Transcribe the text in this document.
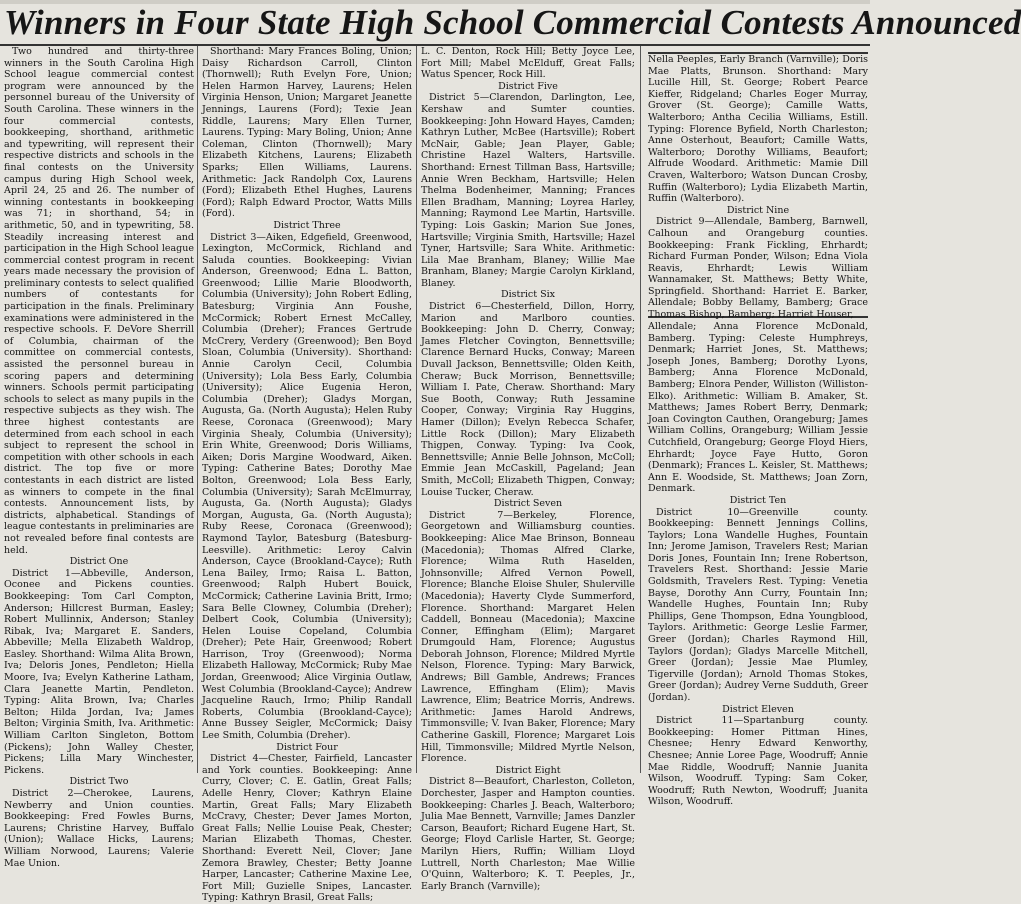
Winners in Four State High School Commercial Contests Announced

Two hundred and thirty-three winners in the South Carolina High School league commercial contest program were announced by the personnel bureau of the University of South Carolina. These winners in the four commercial contests, bookkeeping, shorthand, arithmetic and typewriting, will represent their respective districts and schools in the final contests on the University campus during High School week, April 24, 25 and 26. The number of winning contestants in bookkeeping was 71; in shorthand, 54; in arithmetic, 50, and in typewriting, 58. Steadily increasing interest and participation in the High School league commercial contest program in recent years made necessary the provision of preliminary contests to select qualified numbers of contestants for participation in the finals. Preliminary examinations were administered in the respective schools. F. DeVore Sherrill of Columbia, chairman of the committee on commercial contests, assisted the personnel bureau in scoring papers and determining winners. Schools permit participating schools to select as many pupils in the respective subjects as they wish. The three highest contestants are determined from each school in each subject to represent the school in competition with other schools in each district. The top five or more contestants in each district are listed as winners to compete in the final contests. Announcement lists, by districts, alphabetical. Standings of league contestants in preliminaries are not revealed before final contests are held.

District One

District 1—Abbeville, Anderson, Oconee and Pickens counties. Bookkeeping: Tom Carl Compton, Anderson; Hillcrest Burman, Easley; Robert Mullinnix, Anderson; Stanley Ribak, Iva; Margaret E. Sanders, Abbeville; Mella Elizabeth Waldrop, Easley. Shorthand: Wilma Alita Brown, Iva; Deloris Jones, Pendleton; Hiella Moore, Iva; Evelyn Katherine Latham, Clara Jeanette Martin, Pendleton. Typing: Alita Brown, Iva; Charles Belton; Hilda Jordan, Iva; James Belton; Virginia Smith, Iva. Arithmetic: William Carlton Singleton, Bottom (Pickens); John Walley Chester, Pickens; Lilla Mary Winchester, Pickens.

District Two

District 2—Cherokee, Laurens, Newberry and Union counties. Bookkeeping: Fred Fowles Burns, Laurens; Christine Harvey, Buffalo (Union); Wallace Hicks, Laurens; William Norwood, Laurens; Valerie Mae Union.

Shorthand: Mary Frances Boling, Union; Daisy Richardson Carroll, Clinton (Thornwell); Ruth Evelyn Fore, Union; Helen Harmon Harvey, Laurens; Helen Virginia Henson, Union; Margaret Jeanette Jennings, Laurens (Ford); Texie Jean Riddle, Laurens; Mary Ellen Turner, Laurens. Typing: Mary Boling, Union; Anne Coleman, Clinton (Thornwell); Mary Elizabeth Kitchens, Laurens; Elizabeth Sparks; Ellen Williams, Laurens. Arithmetic: Jack Randolph Cox, Laurens (Ford); Elizabeth Ethel Hughes, Laurens (Ford); Ralph Edward Proctor, Watts Mills (Ford).

District Three

District 3—Aiken, Edgefield, Greenwood, Lexington, McCormick, Richland and Saluda counties. Bookkeeping: Vivian Anderson, Greenwood; Edna L. Batton, Greenwood; Lillie Marie Bloodworth, Columbia (University); John Robert Edling, Batesburg; Virginia Ann Foushe, McCormick; Robert Ernest McCalley, Columbia (Dreher); Frances Gertrude McCrery, Verdery (Greenwood); Ben Boyd Sloan, Columbia (University). Shorthand: Annie Carolyn Cecil, Columbia (University); Lola Bess Early, Columbia (University); Alice Eugenia Heron, Columbia (Dreher); Gladys Morgan, Augusta, Ga. (North Augusta); Helen Ruby Reese, Coronaca (Greenwood); Mary Virginia Shealy, Columbia (University); Erin White, Greenwood; Doris Williams, Aiken; Doris Margine Woodward, Aiken. Typing: Catherine Bates; Dorothy Mae Bolton, Greenwood; Lola Bess Early, Columbia (University); Sarah McElmurray, Augusta, Ga. (North Augusta); Gladys Morgan, Augusta, Ga. (North Augusta); Ruby Reese, Coronaca (Greenwood); Raymond Taylor, Batesburg (Batesburg-Leesville). Arithmetic: Leroy Calvin Anderson, Cayce (Brookland-Cayce); Ruth Lena Bailey, Irmo; Raisa L. Batton, Greenwood; Ralph Hubert Bouick, McCormick; Catherine Lavinia Britt, Irmo; Sara Belle Clowney, Columbia (Dreher); Delbert Cook, Columbia (University); Helen Louise Copeland, Columbia (Dreher); Pete Hair, Greenwood; Robert Harrison, Troy (Greenwood); Norma Elizabeth Halloway, McCormick; Ruby Mae Jordan, Greenwood; Alice Virginia Outlaw, West Columbia (Brookland-Cayce); Andrew Jacqueline Rauch, Irmo; Philip Randall Roberts, Columbia (Brookland-Cayce); Anne Bussey Seigler, McCormick; Daisy Lee Smith, Columbia (Dreher).

District Four

District 4—Chester, Fairfield, Lancaster and York counties. Bookkeeping: Anne Curry, Clover; C. E. Gatlin, Great Falls; Adelle Henry, Clover; Kathryn Elaine Martin, Great Falls; Mary Elizabeth McCravy, Chester; Dever James Morton, Great Falls; Nellie Louise Peak, Chester; Marian Elizabeth Thomas, Chester. Shorthand: Everett Neil, Clover; Jane Zemora Brawley, Chester; Betty Joanne Harper, Lancaster; Catherine Maxine Lee, Fort Mill; Guzielle Snipes, Lancaster. Typing: Kathryn Brasil, Great Falls;

L. C. Denton, Rock Hill; Betty Joyce Lee, Fort Mill; Mabel McElduff, Great Falls; Watus Spencer, Rock Hill.

District Five

District 5—Clarendon, Darlington, Lee, Kershaw and Sumter counties. Bookkeeping: John Howard Hayes, Camden; Kathryn Luther, McBee (Hartsville); Robert McNair, Gable; Jean Player, Gable; Christine Hazel Walters, Hartsville. Shorthand: Ernest Tillman Bass, Hartsville; Annie Wren Beckham, Hartsville; Helen Thelma Bodenheimer, Manning; Frances Ellen Bradham, Manning; Loyrea Harley, Manning; Raymond Lee Martin, Hartsville. Typing: Lois Gaskin; Marion Sue Jones, Hartsville; Virginia Smith, Hartsville; Hazel Tyner, Hartsville; Sara White. Arithmetic: Lila Mae Branham, Blaney; Willie Mae Branham, Blaney; Margie Carolyn Kirkland, Blaney.

District Six

District 6—Chesterfield, Dillon, Horry, Marion and Marlboro counties. Bookkeeping: John D. Cherry, Conway; James Fletcher Covington, Bennettsville; Clarence Bernard Hucks, Conway; Mareen Duvall Jackson, Bennettsville; Olden Keith, Cheraw; Buck Morrison, Bennettsville; William I. Pate, Cheraw. Shorthand: Mary Sue Booth, Conway; Ruth Jessamine Cooper, Conway; Virginia Ray Huggins, Hamer (Dillon); Evelyn Rebecca Schafer, Little Rock (Dillon); Mary Elizabeth Thigpen, Conway. Typing: Iva Cook, Bennettsville; Annie Belle Johnson, McColl; Emmie Jean McCaskill, Pageland; Jean Smith, McColl; Elizabeth Thigpen, Conway; Louise Tucker, Cheraw.

District Seven

District 7—Berkeley, Florence, Georgetown and Williamsburg counties. Bookkeeping: Alice Mae Brinson, Bonneau (Macedonia); Thomas Alfred Clarke, Florence; Wilma Ruth Haselden, Johnsonville; Alfred Vernon Powell, Florence; Blanche Eloise Shuler, Shulerville (Macedonia); Haverty Clyde Summerford, Florence. Shorthand: Margaret Helen Caddell, Bonneau (Macedonia); Maxcine Conner, Effingham (Elim); Margaret Drumgould Ham, Florence; Augustus Deborah Johnson, Florence; Mildred Myrtle Nelson, Florence. Typing: Mary Barwick, Andrews; Bill Gamble, Andrews; Frances Lawrence, Effingham (Elim); Mavis Lawrence, Elim; Beatrice Morris, Andrews. Arithmetic: James Harold Andrews, Timmonsville; V. Ivan Baker, Florence; Mary Catherine Gaskill, Florence; Margaret Lois Hill, Timmonsville; Mildred Myrtle Nelson, Florence.

District Eight

District 8—Beaufort, Charleston, Colleton, Dorchester, Jasper and Hampton counties. Bookkeeping: Charles J. Beach, Walterboro; Julia Mae Bennett, Varnville; James Danzler Carson, Beaufort; Richard Eugene Hart, St. George; Floyd Carlisle Harter, St. George; Marilyn Hiers, Ruffin; William Lloyd Luttrell, North Charleston; Mae Willie O'Quinn, Walterboro; K. T. Peeples, Jr., Early Branch (Varnville);

Nella Peeples, Early Branch (Varnville); Doris Mae Platts, Brunson. Shorthand: Mary Lucille Hill, St. George; Robert Pearce Kieffer, Ridgeland; Charles Eoger Murray, Grover (St. George); Camille Watts, Walterboro; Antha Cecilia Williams, Estill. Typing: Florence Byfield, North Charleston; Anne Osterhout, Beaufort; Camille Watts, Walterboro; Dorothy Williams, Beaufort; Alfrude Woodard. Arithmetic: Mamie Dill Craven, Walterboro; Watson Duncan Crosby, Ruffin (Walterboro); Lydia Elizabeth Martin, Ruffin (Walterboro).

District Nine

District 9—Allendale, Bamberg, Barnwell, Calhoun and Orangeburg counties. Bookkeeping: Frank Fickling, Ehrhardt; Richard Furman Ponder, Wilson; Edna Viola Reavis, Ehrhardt; Lewis William Wannamaker, St. Matthews; Betty White, Springfield. Shorthand: Harriet E. Barker, Allendale; Bobby Bellamy, Bamberg; Grace Thomas Bishop, Bamberg; Harriet Houser,

Allendale; Anna Florence McDonald, Bamberg. Typing: Celeste Humphreys, Denmark; Harriet Jones, St. Matthews; Joseph Jones, Bamberg; Dorothy Lyons, Bamberg; Anna Florence McDonald, Bamberg; Elnora Pender, Williston (Williston-Elko). Arithmetic: William B. Amaker, St. Matthews; James Robert Berry, Denmark; Joan Covington Cauthen, Orangeburg; James William Collins, Orangeburg; William Jessie Cutchfield, Orangeburg; George Floyd Hiers, Ehrhardt; Joyce Faye Hutto, Goron (Denmark); Frances L. Keisler, St. Matthews; Ann E. Woodside, St. Matthews; Joan Zorn, Denmark.

District Ten

District 10—Greenville county. Bookkeeping: Bennett Jennings Collins, Taylors; Lona Wandelle Hughes, Fountain Inn; Jerome Jamison, Travelers Rest; Marian Doris Jones, Fountain Inn; Irene Robertson, Travelers Rest. Shorthand: Jessie Marie Goldsmith, Travelers Rest. Typing: Venetia Bayse, Dorothy Ann Curry, Fountain Inn; Wandelle Hughes, Fountain Inn; Ruby Phillips, Gene Thompson, Edna Youngblood, Taylors. Arithmetic: George Leslie Farmer, Greer (Jordan); Charles Raymond Hill, Taylors (Jordan); Gladys Marcelle Mitchell, Greer (Jordan); Jessie Mae Plumley, Tigerville (Jordan); Arnold Thomas Stokes, Greer (Jordan); Audrey Verne Sudduth, Greer (Jordan).

District Eleven

District 11—Spartanburg county. Bookkeeping: Homer Pittman Hines, Chesnee; Henry Edward Kenworthy, Chesnee; Annie Loree Page, Woodruff; Annie Mae Riddle, Woodruff; Nannie Juanita Wilson, Woodruff. Typing: Sam Coker, Woodruff; Ruth Newton, Woodruff; Juanita Wilson, Woodruff.
